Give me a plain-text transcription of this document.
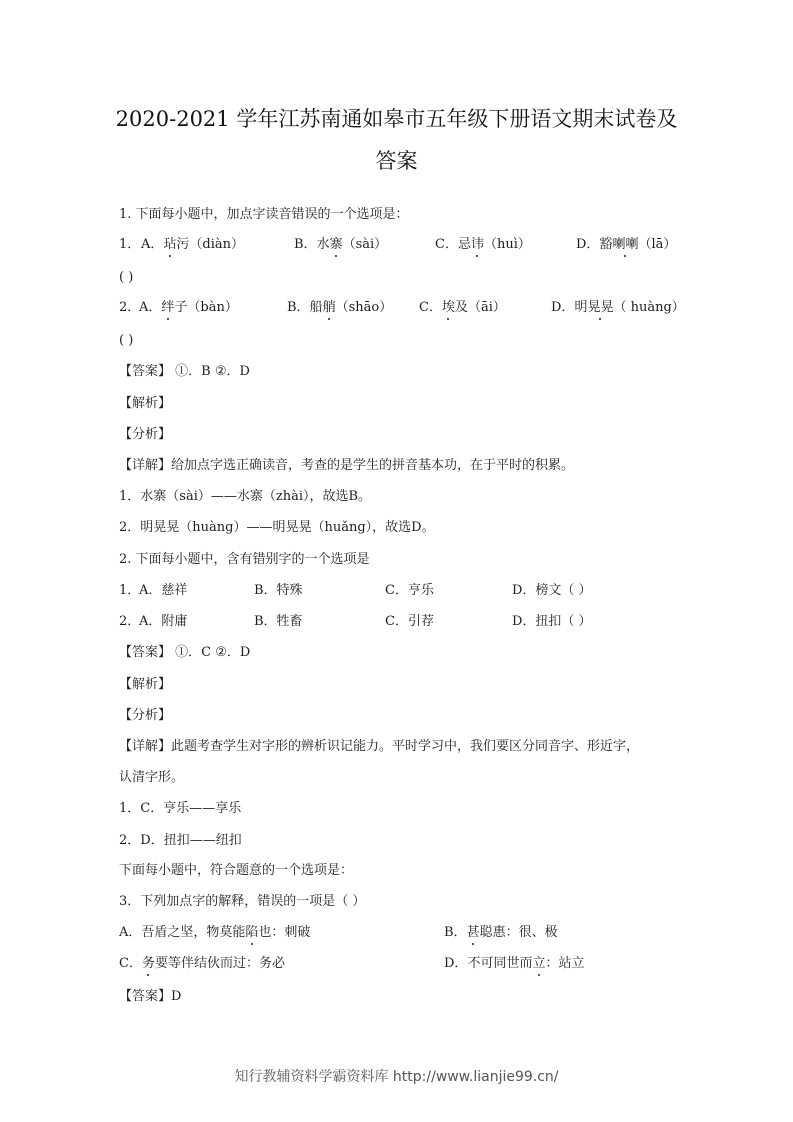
2020-2021 学年江苏南通如皋市五年级下册语文期末试卷及
答案
1. 下面每小题中，加点字读音错误的一个选项是：
1． A．玷污（diàn）	B．水寨（sài）	C．忌讳（huì）	D．豁喇喇（lā）
( )
2．
A．绊子（bàn）	B．船艄（shāo） C．埃及（āi）	D．明晃晃（ huàng）
( )
【答案】 ①．B ②．D
【解析】
【分析】
【详解】给加点字选正确读音，考查的是学生的拼音基本功，在于平时的积累。
1．水寨（sài）——水寨（zhài），故选B。
2．明晃晃（huàng）——明晃晃（huǎng），故选D。
2. 下面每小题中，含有错别字的一个选项是
1．
A．慈祥	B．特殊	C．亨乐	D．榜文（ ）
2．
A．附庸	B．牲畜	C．引荐	D．扭扣（ ）
【答案】 ①．C ②．D
【解析】
【分析】
【详解】此题考查学生对字形的辨析识记能力。平时学习中，我们要区分同音字、形近字，
认清字形。
1．C．亨乐——享乐
2．D．扭扣——纽扣
下面每小题中，符合题意的一个选项是：
3．下列加点字的解释，错误的一项是（ ）
A．吾盾之坚，物莫能陷也：刺破	B．甚聪惠：很、极
C．务要等伴结伙而过：务必	D．不可同世而立：站立
【答案】D
知行教辅资料学霸资料库 http://www.lianjie99.cn/
